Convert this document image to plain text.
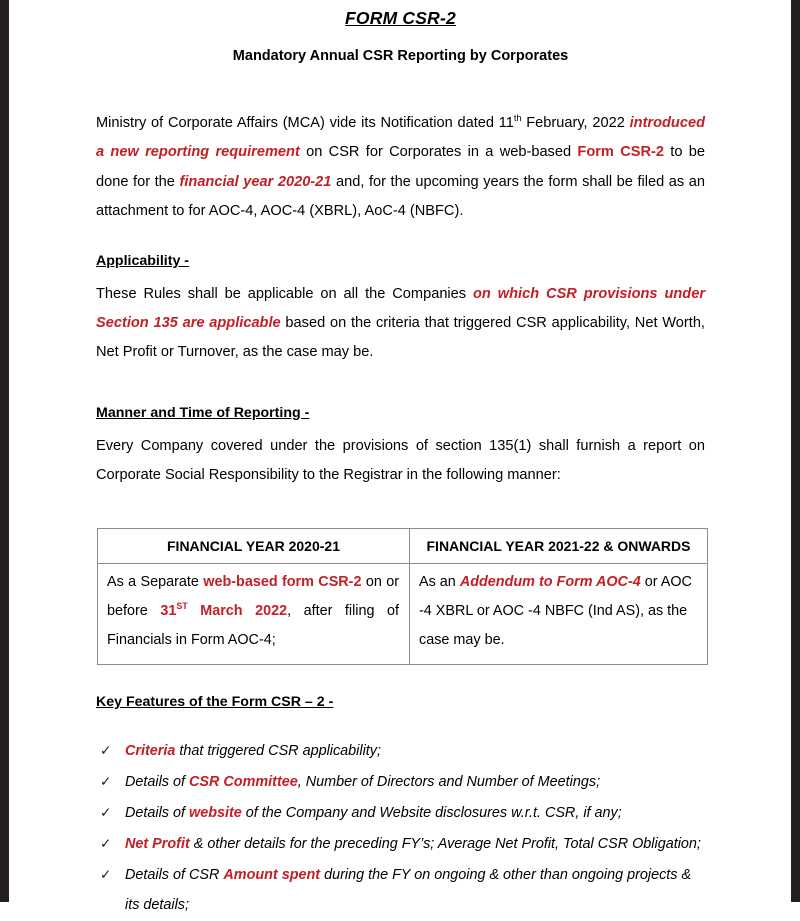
FORM CSR-2
Mandatory Annual CSR Reporting by Corporates

Ministry of Corporate Affairs (MCA) vide its Notification dated 11th February, 2022 introduced a new reporting requirement on CSR for Corporates in a web-based Form CSR-2 to be done for the financial year 2020-21 and, for the upcoming years the form shall be filed as an attachment to for AOC-4, AOC-4 (XBRL), AoC-4 (NBFC).

Applicability -

These Rules shall be applicable on all the Companies on which CSR provisions under Section 135 are applicable based on the criteria that triggered CSR applicability, Net Worth, Net Profit or Turnover, as the case may be.

Manner and Time of Reporting -

Every Company covered under the provisions of section 135(1) shall furnish a report on Corporate Social Responsibility to the Registrar in the following manner:

FINANCIAL YEAR 2020-21	FINANCIAL YEAR 2021-22 & ONWARDS
As a Separate web-based form CSR-2 on or before 31ST March 2022, after filing of Financials in Form AOC-4;	As an Addendum to Form AOC-4 or AOC -4 XBRL or AOC -4 NBFC (Ind AS), as the case may be.
Key Features of the Form CSR – 2 -
✓ Criteria that triggered CSR applicability;
✓ Details of CSR Committee, Number of Directors and Number of Meetings;
✓ Details of website of the Company and Website disclosures w.r.t. CSR, if any;
✓ Net Profit & other details for the preceding FY’s; Average Net Profit, Total CSR Obligation;
✓ Details of CSR Amount spent during the FY on ongoing & other than ongoing projects & its details;
